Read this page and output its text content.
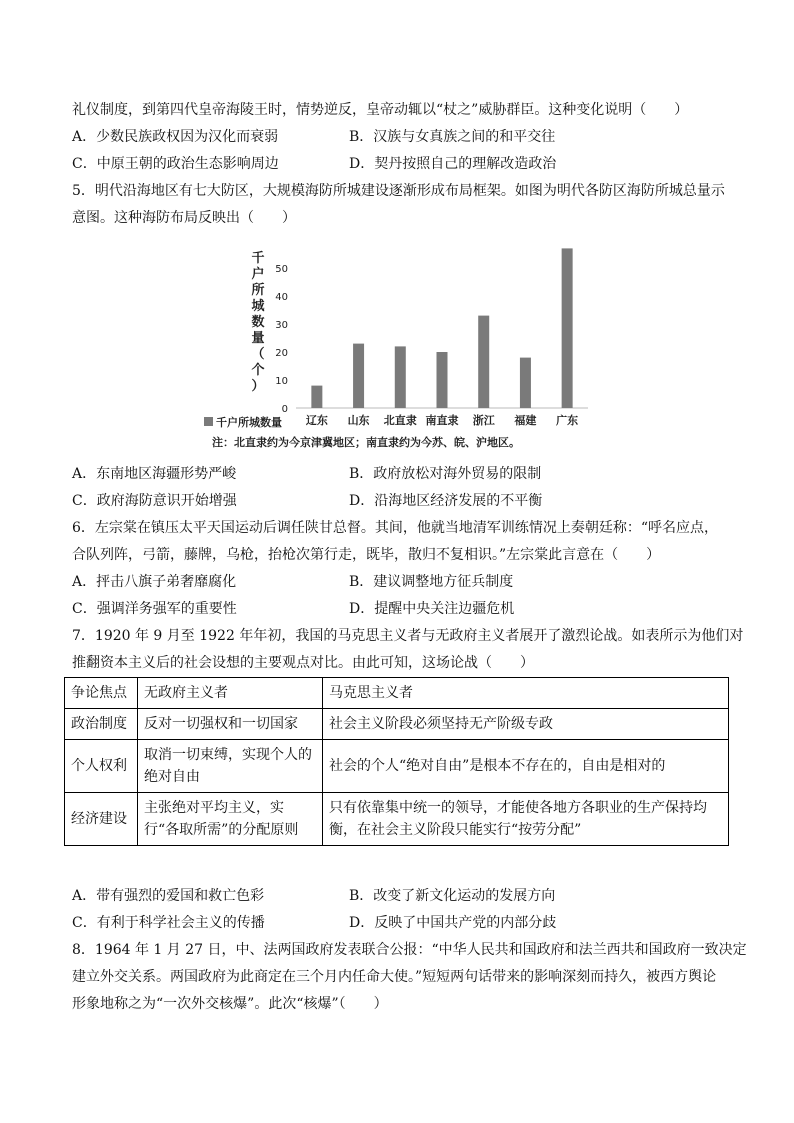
礼仪制度，到第四代皇帝海陵王时，情势逆反，皇帝动辄以“杖之”威胁群臣。这种变化说明（　　）
A．少数民族政权因为汉化而衰弱	B．汉族与女真族之间的和平交往
C．中原王朝的政治生态影响周边	D．契丹按照自己的理解改造政治
5．明代沿海地区有七大防区，大规模海防所城建设逐渐形成布局框架。如图为明代各防区海防所城总量示
意图。这种海防布局反映出（　　）
0
10
20
30
40
50
辽东 山东 北直隶 南直隶 浙江 福建 广东
千
户
所
城
数
量
（
个
）
千户所城数量
注：北直隶约为今京津冀地区；南直隶约为今苏、皖、沪地区。
A．东南地区海疆形势严峻	B．政府放松对海外贸易的限制
C．政府海防意识开始增强	D．沿海地区经济发展的不平衡
6．左宗棠在镇压太平天国运动后调任陕甘总督。其间，他就当地清军训练情况上奏朝廷称：“呼名应点，
合队列阵，弓箭，藤牌，乌枪，抬枪次第行走，既毕，散归不复相识。”左宗棠此言意在（　　）
A．抨击八旗子弟奢靡腐化	B．建议调整地方征兵制度
C．强调洋务强军的重要性	D．提醒中央关注边疆危机
7．1920 年 9 月至 1922 年年初，我国的马克思主义者与无政府主义者展开了激烈论战。如表所示为他们对
推翻资本主义后的社会设想的主要观点对比。由此可知，这场论战（　　）
争论焦点	无政府主义者	马克思主义者
政治制度	反对一切强权和一切国家	社会主义阶段必须坚持无产阶级专政
个人权利	取消一切束缚，实现个人的绝对自由	社会的个人“绝对自由”是根本不存在的，自由是相对的
经济建设	主张绝对平均主义，实行“各取所需”的分配原则	只有依靠集中统一的领导，才能使各地方各职业的生产保持均衡，在社会主义阶段只能实行“按劳分配”
A．带有强烈的爱国和救亡色彩	B．改变了新文化运动的发展方向
C．有利于科学社会主义的传播	D．反映了中国共产党的内部分歧
8．1964 年 1 月 27 日，中、法两国政府发表联合公报：“中华人民共和国政府和法兰西共和国政府一致决定
建立外交关系。两国政府为此商定在三个月内任命大使。”短短两句话带来的影响深刻而持久，被西方舆论
形象地称之为“一次外交核爆”。此次“核爆”（　　）
